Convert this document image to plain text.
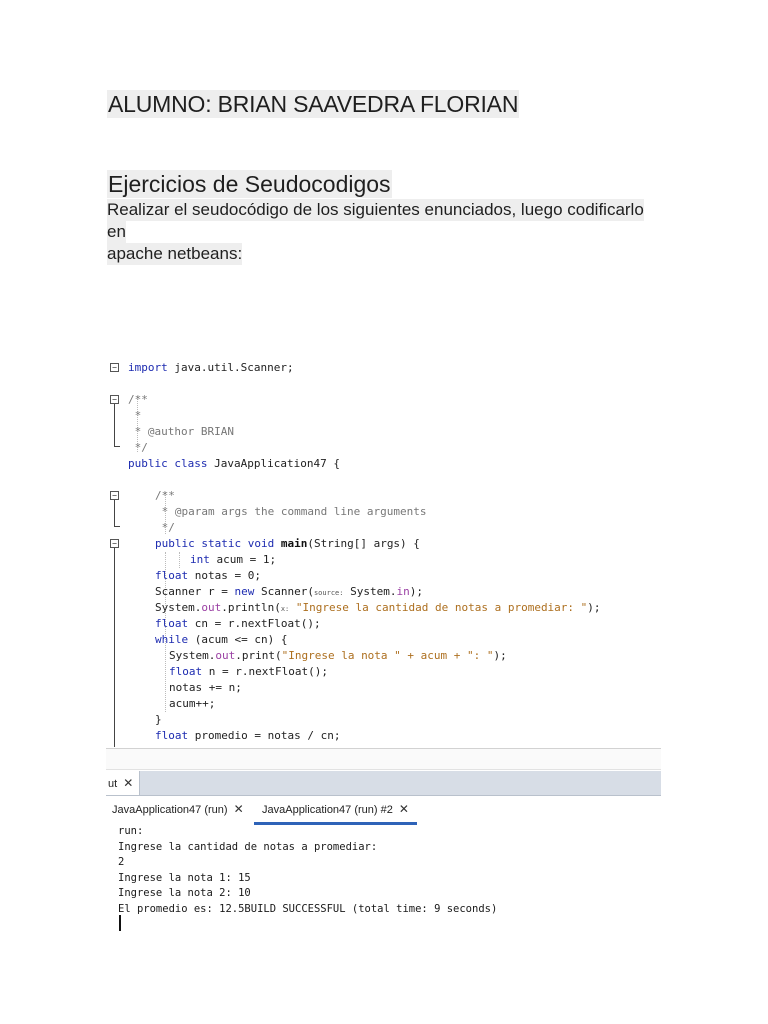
ALUMNO: BRIAN SAAVEDRA FLORIAN
Ejercicios de Seudocodigos
Realizar el seudocódigo de los siguientes enunciados, luego codificarlo
en
apache netbeans:
−
−
−
−
import java.util.Scanner;
/**
*
* @author BRIAN
*/
public class JavaApplication47 {
/**
* @param args the command line arguments
*/
public static void main(String[] args) {
int acum = 1;
float notas = 0;
Scanner r = new Scanner(source: System.in);
System.out.println(x: "Ingrese la cantidad de notas a promediar: ");
float cn = r.nextFloat();
while (acum <= cn) {
System.out.print("Ingrese la nota " + acum + ": ");
float n = r.nextFloat();
notas += n;
acum++;
}
float promedio = notas / cn;
ut ✕
JavaApplication47 (run) ✕	JavaApplication47 (run) #2 ✕
run:
Ingrese la cantidad de notas a promediar:
2
Ingrese la nota 1: 15
Ingrese la nota 2: 10
El promedio es: 12.5BUILD SUCCESSFUL (total time: 9 seconds)
